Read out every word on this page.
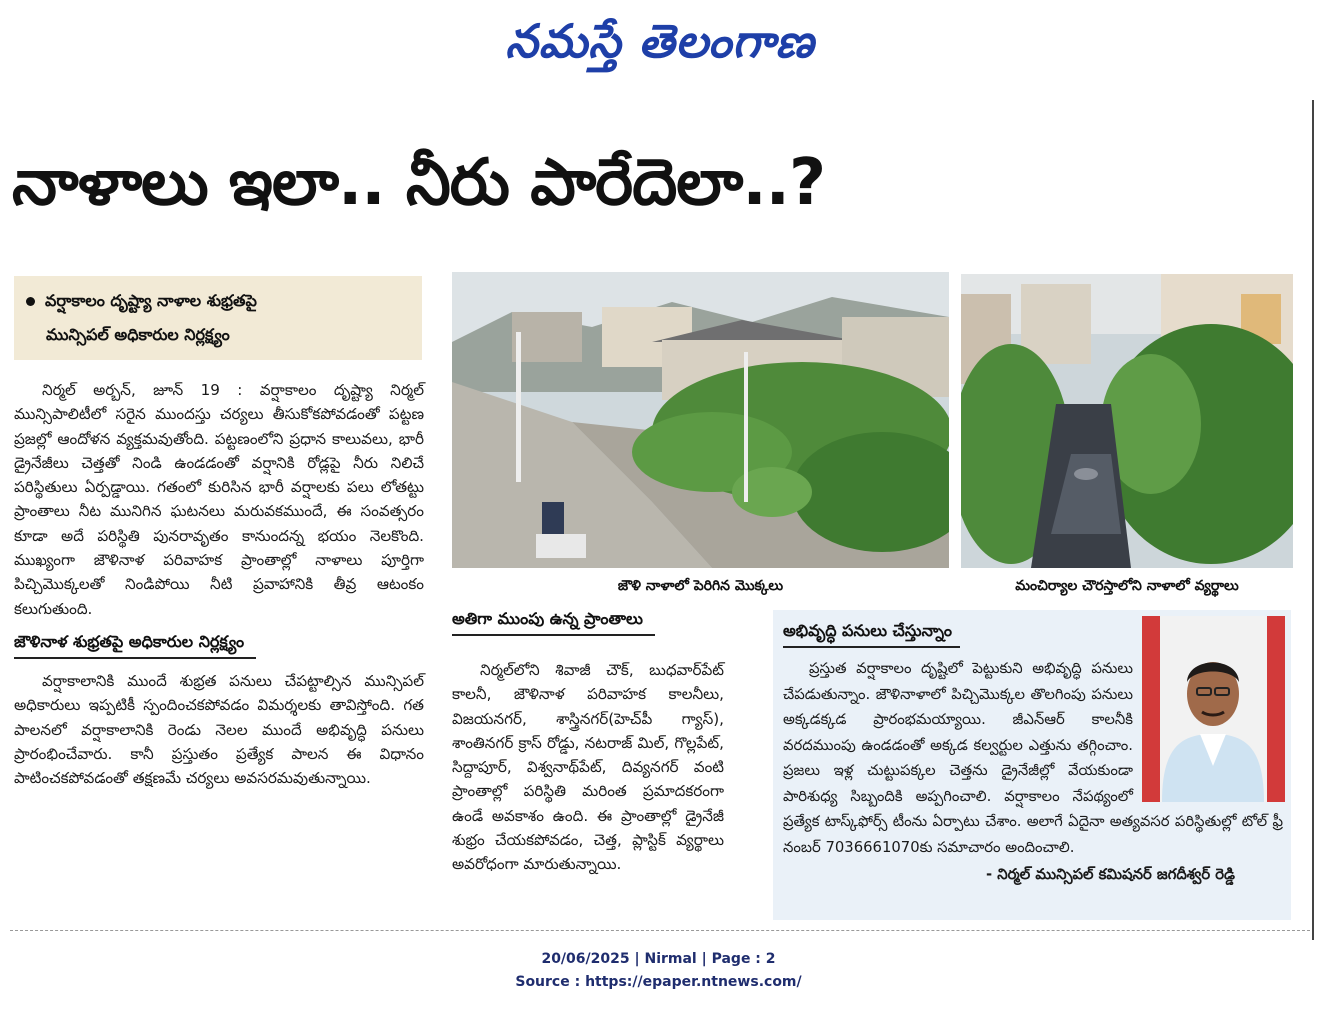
నమస్తే తెలంగాణ
నాళాలు ఇలా.. నీరు పారేదెలా..?
వర్షాకాలం దృష్ట్యా నాళాల శుభ్రతపై
మున్సిపల్ అధికారుల నిర్లక్ష్యం

నిర్మల్ అర్బన్, జూన్ 19 : వర్షాకాలం దృష్ట్యా నిర్మల్ మున్సిపాలిటీలో సరైన ముందస్తు చర్యలు తీసుకోకపోవడంతో పట్టణ ప్రజల్లో ఆందోళన వ్యక్తమవుతోంది. పట్టణంలోని ప్రధాన కాలువలు, భారీ డ్రైనేజీలు చెత్తతో నిండి ఉండడంతో వర్షానికి రోడ్లపై నీరు నిలిచే పరిస్థితులు ఏర్పడ్డాయి. గతంలో కురిసిన భారీ వర్షాలకు పలు లోతట్టు ప్రాంతాలు నీట మునిగిన ఘటనలు మరువకముందే, ఈ సంవత్సరం కూడా అదే పరిస్థితి పునరావృతం కానుందన్న భయం నెలకొంది. ముఖ్యంగా జౌళినాళ పరివాహక ప్రాంతాల్లో నాళాలు పూర్తిగా పిచ్చిమొక్కలతో నిండిపోయి నీటి ప్రవాహానికి తీవ్ర ఆటంకం కలుగుతుంది.

జౌళినాళ శుభ్రతపై అధికారుల నిర్లక్ష్యం

వర్షాకాలానికి ముందే శుభ్రత పనులు చేపట్టాల్సిన మున్సిపల్ అధికారులు ఇప్పటికీ స్పందించకపోవడం విమర్శలకు తావిస్తోంది. గత పాలనలో వర్షాకాలానికి రెండు నెలల ముందే అభివృద్ధి పనులు ప్రారంభించేవారు. కానీ ప్రస్తుతం ప్రత్యేక పాలన ఈ విధానం పాటించకపోవడంతో తక్షణమే చర్యలు అవసరమవుతున్నాయి.

జౌళి నాళాలో పెరిగిన మొక్కలు	మంచిర్యాల చౌరస్తాలోని నాళాలో వ్యర్థాలు
అతిగా ముంపు ఉన్న ప్రాంతాలు

నిర్మల్‌లోని శివాజీ చౌక్, బుధవార్‌పేట్ కాలనీ, జౌళినాళ పరివాహక కాలనీలు, విజయనగర్, శాస్త్రినగర్(హెచ్‌పీ గ్యాస్), శాంతినగర్ క్రాస్ రోడ్డు, నటరాజ్ మిల్, గొల్లపేట్, సిద్దాపూర్, విశ్వనాథ్‌పేట్, దివ్యనగర్ వంటి ప్రాంతాల్లో పరిస్థితి మరింత ప్రమాదకరంగా ఉండే అవకాశం ఉంది. ఈ ప్రాంతాల్లో డ్రైనేజీ శుభ్రం చేయకపోవడం, చెత్త, ప్లాస్టిక్ వ్యర్థాలు అవరోధంగా మారుతున్నాయి.

అభివృద్ధి పనులు చేస్తున్నాం

ప్రస్తుత వర్షాకాలం దృష్టిలో పెట్టుకుని అభివృద్ధి పనులు చేపడుతున్నాం. జౌళినాళాలో పిచ్చిమొక్కల తొలగింపు పనులు అక్కడక్కడ ప్రారంభమయ్యాయి. జీఎన్‌ఆర్ కాలనీకి వరదముంపు ఉండడంతో అక్కడ కల్వర్టుల ఎత్తును తగ్గించాం. ప్రజలు ఇళ్ల చుట్టుపక్కల చెత్తను డ్రైనేజీల్లో వేయకుండా పారిశుధ్య సిబ్బందికి అప్పగించాలి. వర్షాకాలం నేపథ్యంలో ప్రత్యేక టాస్క్‌ఫోర్స్ టీంను ఏర్పాటు చేశాం. అలాగే ఏదైనా అత్యవసర పరిస్థితుల్లో టోల్ ఫ్రీ నంబర్ 7036661070కు సమాచారం అందించాలి.

- నిర్మల్ మున్సిపల్ కమిషనర్ జగదీశ్వర్ రెడ్డి

20/06/2025 | Nirmal | Page : 2
Source : https://epaper.ntnews.com/
